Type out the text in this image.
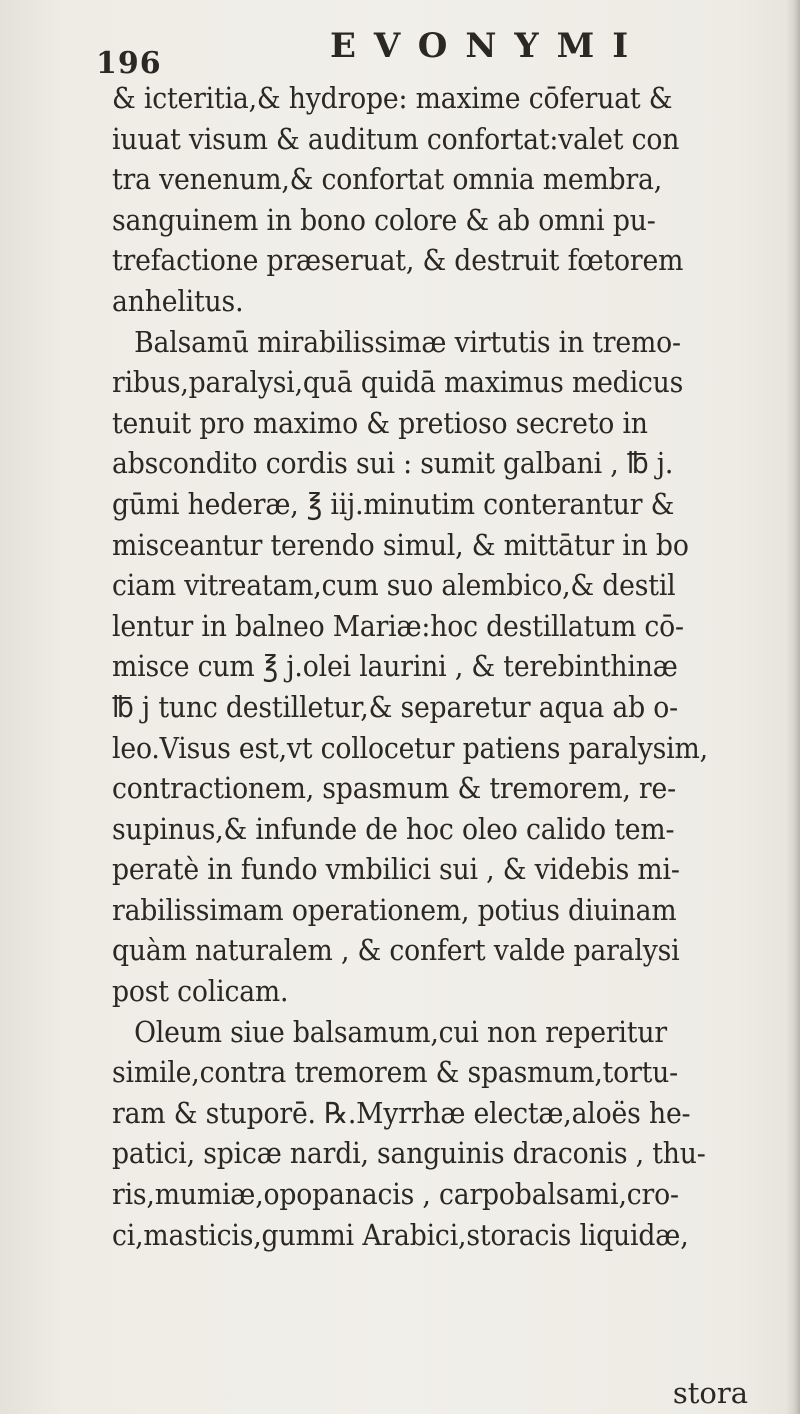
196	EVONYMI
& icteritia,& hydrope: maxime cōferuat &
iuuat visum & auditum confortat:valet con
tra venenum,& confortat omnia membra,
sanguinem in bono colore & ab omni pu-
trefactione præseruat, & destruit fœtorem
anhelitus.
Balsamū mirabilissimæ virtutis in tremo-
ribus,paralysi,quā quidā maximus medicus
tenuit pro maximo & pretioso secreto in
abscondito cordis sui : sumit galbani , ℔ j.
gūmi hederæ, ℥ iij.minutim conterantur &
misceantur terendo simul, & mittātur in bo
ciam vitreatam,cum suo alembico,& destil
lentur in balneo Mariæ:hoc destillatum cō-
misce cum ℥ j.olei laurini , & terebinthinæ
℔ j tunc destilletur,& separetur aqua ab o-
leo.Visus est,vt collocetur patiens paralysim,
contractionem, spasmum & tremorem, re-
supinus,& infunde de hoc oleo calido tem-
peratè in fundo vmbilici sui , & videbis mi-
rabilissimam operationem, potius diuinam
quàm naturalem , & confert valde paralysi
post colicam.
Oleum siue balsamum,cui non reperitur
simile,contra tremorem & spasmum,tortu-
ram & stuporē. ℞.Myrrhæ electæ,aloës he-
patici, spicæ nardi, sanguinis draconis , thu-
ris,mumiæ,opopanacis , carpobalsami,cro-
ci,masticis,gummi Arabici,storacis liquidæ,
stora
